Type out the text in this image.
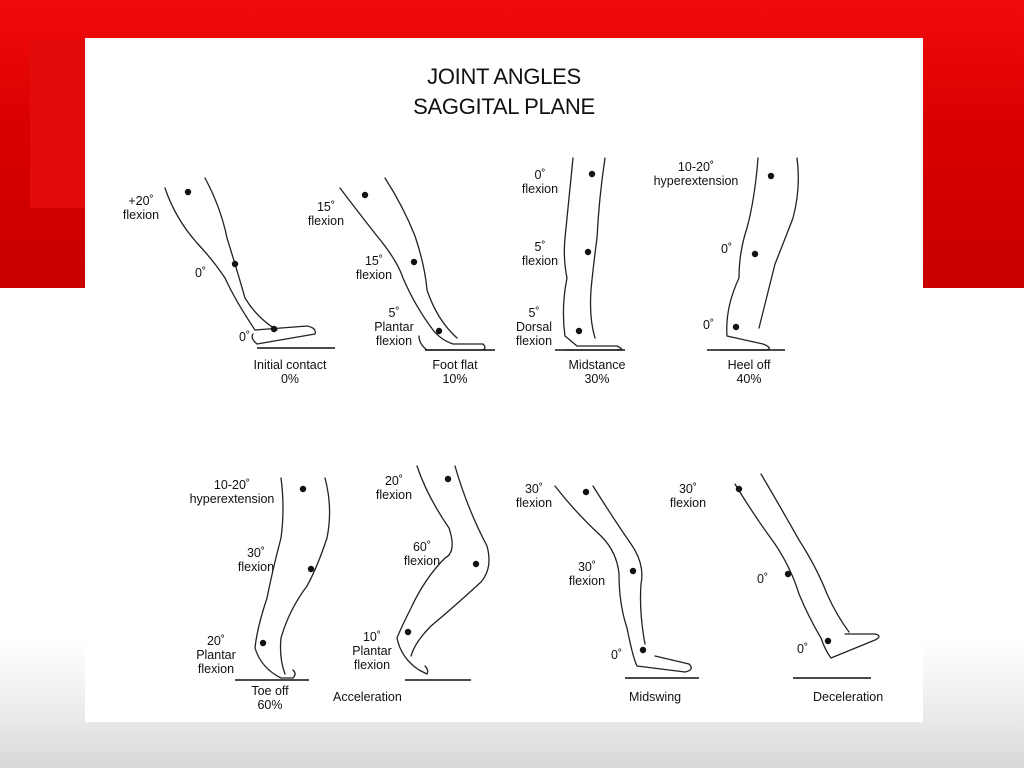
JOINT ANGLES
SAGGITAL PLANE
+20˚
flexion
0˚
0˚
Initial contact
0%
15˚
flexion
15˚
flexion
5˚
Plantar
flexion
Foot flat
10%
0˚
flexion
5˚
flexion
5˚
Dorsal
flexion
Midstance
30%
10-20˚
hyperextension
0˚
0˚
Heel off
40%
10-20˚
hyperextension
30˚
flexion
20˚
Plantar
flexion
Toe off
60%
20˚
flexion
60˚
flexion
10˚
Plantar
flexion
Acceleration
30˚
flexion
30˚
flexion
0˚
Midswing
30˚
flexion
0˚
0˚
Deceleration
